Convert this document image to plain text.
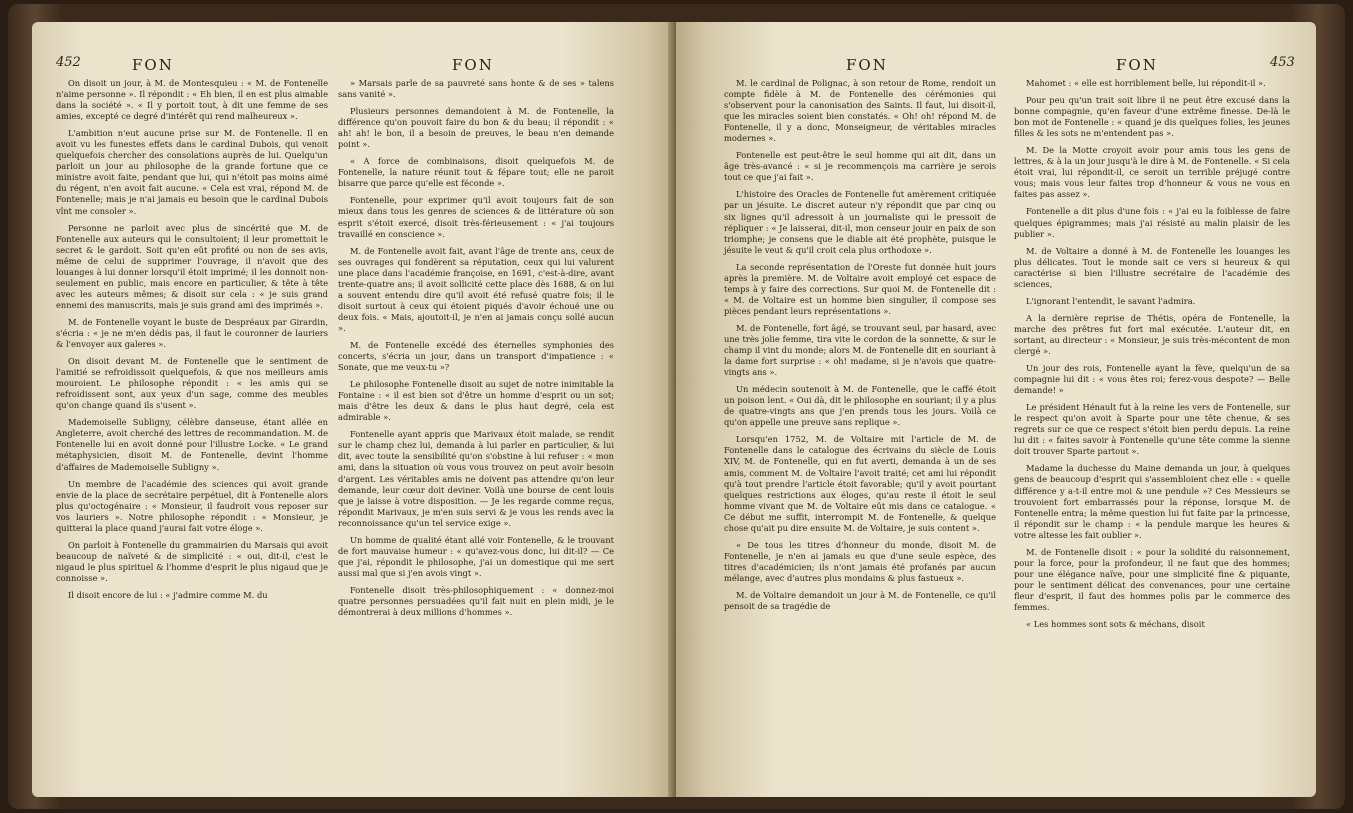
452	FON	FON

On disoit un jour, à M. de Montesquieu : « M. de Fontenelle n'aime personne ». Il répondit : « Eh bien, il en est plus aimable dans la société ». « Il y portoit tout, à dit une femme de ses amies, excepté ce degré d'intérêt qui rend malheureux ».

L'ambition n'eut aucune prise sur M. de Fontenelle. Il en avoit vu les funestes effets dans le cardinal Dubois, qui venoit quelquefois chercher des consolations auprès de lui. Quelqu'un parloit un jour au philosophe de la grande fortune que ce ministre avoit faite, pendant que lui, qui n'étoit pas moins aimé du régent, n'en avoit fait aucune. « Cela est vrai, répond M. de Fontenelle; mais je n'ai jamais eu besoin que le cardinal Dubois vînt me consoler ».

Personne ne parloit avec plus de sincérité que M. de Fontenelle aux auteurs qui le consultoient; il leur promettoit le secret & le gardoit. Soit qu'en eût profité ou non de ses avis, même de celui de supprimer l'ouvrage, il n'avoit que des louanges à lui donner lorsqu'il étoit imprimé; il les donnoit non-seulement en public, mais encore en particulier, & tête à tête avec les auteurs mêmes; & disoit sur cela : « je suis grand ennemi des manuscrits, mais je suis grand ami des imprimés ».

M. de Fontenelle voyant le buste de Despréaux par Girardin, s'écria : « je ne m'en dédis pas, il faut le couronner de lauriers & l'envoyer aux galeres ».

On disoit devant M. de Fontenelle que le sentiment de l'amitié se refroidissoit quelquefois, & que nos meilleurs amis mouroient. Le philosophe répondit : « les amis qui se refroidissent sont, aux yeux d'un sage, comme des meubles qu'on change quand ils s'usent ».

Mademoiselle Subligny, célèbre danseuse, étant allée en Angleterre, avoit cherché des lettres de recommandation. M. de Fontenelle lui en avoit donné pour l'illustre Locke. « Le grand métaphysicien, disoit M. de Fontenelle, devint l'homme d'affaires de Mademoiselle Subligny ».

Un membre de l'académie des sciences qui avoit grande envie de la place de secrétaire perpétuel, dit à Fontenelle alors plus qu'octogénaire : « Monsieur, il faudroit vous reposer sur vos lauriers ». Notre philosophe répondit : « Monsieur, je quitterai la place quand j'aurai fait votre éloge ».

On parloit à Fontenelle du grammairien du Marsais qui avoit beaucoup de naïveté & de simplicité : « oui, dit-il, c'est le nigaud le plus spirituel & l'homme d'esprit le plus nigaud que je connoisse ».

Il disoit encore de lui : « j'admire comme M. du

» Marsais parle de sa pauvreté sans honte & de ses » talens sans vanité ».

Plusieurs personnes demandoient à M. de Fontenelle, la différence qu'on pouvoit faire du bon & du beau; il répondit : « ah! ah! le bon, il a besoin de preuves, le beau n'en demande point ».

« A force de combinaisons, disoit quelquefois M. de Fontenelle, la nature réunit tout & fépare tout; elle ne paroit bisarre que parce qu'elle est féconde ».

Fontenelle, pour exprimer qu'il avoit toujours fait de son mieux dans tous les genres de sciences & de littérature où son esprit s'étoit exercé, disoit très-férieusement : « j'ai toujours travaillé en conscience ».

M. de Fontenelle avoit fait, avant l'âge de trente ans, ceux de ses ouvrages qui fondèrent sa réputation, ceux qui lui valurent une place dans l'académie françoise, en 1691, c'est-à-dire, avant trente-quatre ans; il avoit sollicité cette place dès 1688, & on lui a souvent entendu dire qu'il avoit été refusé quatre fois; il le disoit surtout à ceux qui étoient piqués d'avoir échoué une ou deux fois. « Mais, ajoutoit-il, je n'en ai jamais conçu sollé aucun ».

M. de Fontenelle excédé des éternelles symphonies des concerts, s'écria un jour, dans un transport d'impatience : « Sonate, que me veux-tu »?

Le philosophe Fontenelle disoit au sujet de notre inimitable la Fontaine : « il est bien sot d'être un homme d'esprit ou un sot; mais d'être les deux & dans le plus haut degré, cela est admirable ».

Fontenelle ayant appris que Marivaux étoit malade, se rendit sur le champ chez lui, demanda à lui parler en particulier, & lui dit, avec toute la sensibilité qu'on s'obstine à lui refuser : « mon ami, dans la situation où vous vous trouvez on peut avoir besoin d'argent. Les véritables amis ne doivent pas attendre qu'on leur demande, leur cœur doit deviner. Voilà une bourse de cent louis que je laisse à votre disposition. — Je les regarde comme reçus, répondit Marivaux, je m'en suis servi & je vous les rends avec la reconnoissance qu'un tel service exige ».

Un homme de qualité étant allé voir Fontenelle, & le trouvant de fort mauvaise humeur : « qu'avez-vous donc, lui dit-il? — Ce que j'ai, répondit le philosophe, j'ai un domestique qui me sert aussi mal que si j'en avois vingt ».

Fontenelle disoit très-philosophiquement : « donnez-moi quatre personnes persuadées qu'il fait nuit en plein midi, je le démontrerai à deux millions d'hommes ».

FON	FON	453

M. le cardinal de Polignac, à son retour de Rome, rendoit un compte fidèle à M. de Fontenelle des cérémonies qui s'observent pour la canonisation des Saints. Il faut, lui disoit-il, que les miracles soient bien constatés. « Oh! oh! répond M. de Fontenelle, il y a donc, Monseigneur, de véritables miracles modernes ».

Fontenelle est peut-être le seul homme qui ait dit, dans un âge très-avancé : « si je recommençois ma carrière je serois tout ce que j'ai fait ».

L'histoire des Oracles de Fontenelle fut amèrement critiquée par un jésuite. Le discret auteur n'y répondit que par cinq ou six lignes qu'il adressoit à un journaliste qui le pressoit de répliquer : « Je laisserai, dit-il, mon censeur jouir en paix de son triomphe; je consens que le diable ait été prophète, puisque le jésuite le veut & qu'il croit cela plus orthodoxe ».

La seconde représentation de l'Oreste fut donnée huit jours après la première. M. de Voltaire avoit employé cet espace de temps à y faire des corrections. Sur quoi M. de Fontenelle dit : « M. de Voltaire est un homme bien singulier, il compose ses pièces pendant leurs représentations ».

M. de Fontenelle, fort âgé, se trouvant seul, par hasard, avec une très jolie femme, tira vite le cordon de la sonnette, & sur le champ il vint du monde; alors M. de Fontenelle dit en souriant à la dame fort surprise : « oh! madame, si je n'avois que quatre-vingts ans ».

Un médecin soutenoit à M. de Fontenelle, que le caffé étoit un poison lent. « Oui dà, dit le philosophe en souriant; il y a plus de quatre-vingts ans que j'en prends tous les jours. Voilà ce qu'on appelle une preuve sans replique ».

Lorsqu'en 1752, M. de Voltaire mit l'article de M. de Fontenelle dans le catalogue des écrivains du siècle de Louis XIV, M. de Fontenelle, qui en fut averti, demanda à un de ses amis, comment M. de Voltaire l'avoit traité; cet ami lui répondit qu'à tout prendre l'article étoit favorable; qu'il y avoit pourtant quelques restrictions aux éloges, qu'au reste il étoit le seul homme vivant que M. de Voltaire eût mis dans ce catalogue. « Ce début me suffit, interrompit M. de Fontenelle, & quelque chose qu'ait pu dire ensuite M. de Voltaire, je suis content ».

« De tous les titres d'honneur du monde, disoit M. de Fontenelle, je n'en ai jamais eu que d'une seule espèce, des titres d'académicien; ils n'ont jamais été profanés par aucun mélange, avec d'autres plus mondains & plus fastueux ».

M. de Voltaire demandoit un jour à M. de Fontenelle, ce qu'il pensoit de sa tragédie de

Mahomet : « elle est horriblement belle, lui répondit-il ».

Pour peu qu'un trait soit libre il ne peut être excusé dans la bonne compagnie, qu'en faveur d'une extrême finesse. De-là le bon mot de Fontenelle : « quand je dis quelques folies, les jeunes filles & les sots ne m'entendent pas ».

M. De la Motte croyoit avoir pour amis tous les gens de lettres, & à la un jour jusqu'à le dire à M. de Fontenelle. « Si cela étoit vrai, lui répondit-il, ce seroit un terrible préjugé contre vous; mais vous leur faites trop d'honneur & vous ne vous en faites pas assez ».

Fontenelle a dit plus d'une fois : « j'ai eu la foiblesse de faire quelques épigrammes; mais j'ai résisté au malin plaisir de les publier ».

M. de Voltaire a donné à M. de Fontenelle les louanges les plus délicates. Tout le monde sait ce vers si heureux & qui caractérise si bien l'illustre secrétaire de l'académie des sciences,

L'ignorant l'entendit, le savant l'admira.

A la dernière reprise de Thétis, opéra de Fontenelle, la marche des prêtres fut fort mal exécutée. L'auteur dit, en sortant, au directeur : « Monsieur, je suis très-mécontent de mon clergé ».

Un jour des rois, Fontenelle ayant la fève, quelqu'un de sa compagnie lui dit : « vous êtes roi; ferez-vous despote? — Belle demande! »

Le président Hénault fut à la reine les vers de Fontenelle, sur le respect qu'on avoit à Sparte pour une tête chenue, & ses regrets sur ce que ce respect s'étoit bien perdu depuis. La reine lui dit : « faites savoir à Fontenelle qu'une tête comme la sienne doit trouver Sparte partout ».

Madame la duchesse du Maine demanda un jour, à quelques gens de beaucoup d'esprit qui s'assembloient chez elle : « quelle différence y a-t-il entre moi & une pendule »? Ces Messieurs se trouvoient fort embarrassés pour la réponse, lorsque M. de Fontenelle entra; la même question lui fut faite par la princesse, il répondit sur le champ : « la pendule marque les heures & votre altesse les fait oublier ».

M. de Fontenelle disoit : « pour la solidité du raisonnement, pour la force, pour la profondeur, il ne faut que des hommes; pour une élégance naïve, pour une simplicité fine & piquante, pour le sentiment délicat des convenances, pour une certaine fleur d'esprit, il faut des hommes polis par le commerce des femmes.

« Les hommes sont sots & méchans, disoit
